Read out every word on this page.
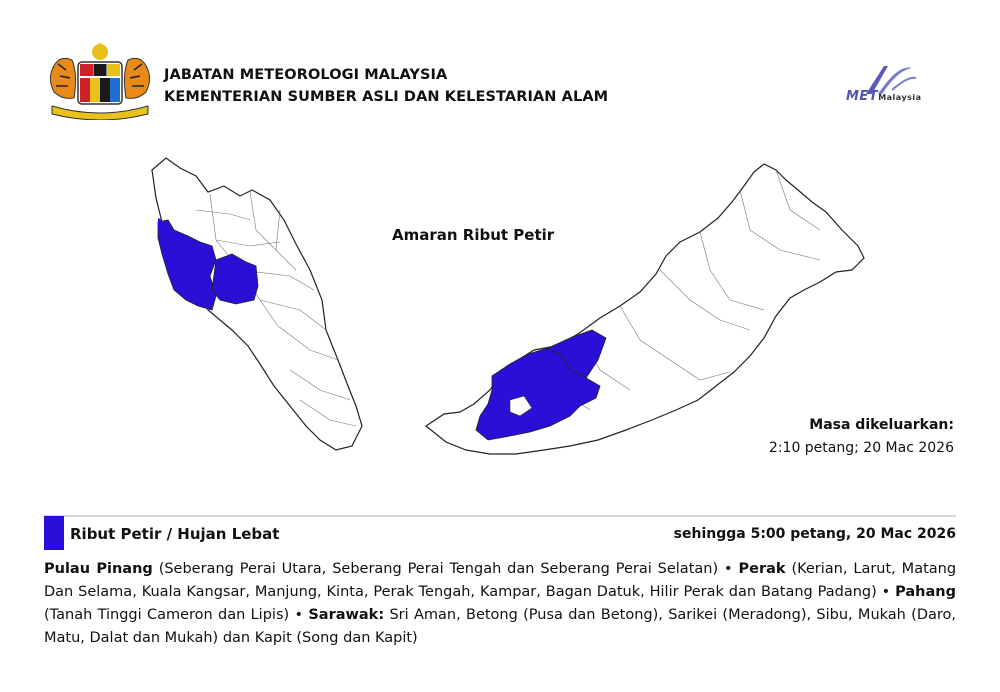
JABATAN METEOROLOGI MALAYSIA
KEMENTERIAN SUMBER ASLI DAN KELESTARIAN ALAM	METMalaysia
Amaran Ribut Petir
Masa dikeluarkan:
2:10 petang; 20 Mac 2026
Ribut Petir / Hujan Lebat	sehingga 5:00 petang, 20 Mac 2026
Pulau Pinang (Seberang Perai Utara, Seberang Perai Tengah dan Seberang Perai Selatan) • Perak (Kerian, Larut, Matang Dan Selama, Kuala Kangsar, Manjung, Kinta, Perak Tengah, Kampar, Bagan Datuk, Hilir Perak dan Batang Padang) • Pahang (Tanah Tinggi Cameron dan Lipis) • Sarawak: Sri Aman, Betong (Pusa dan Betong), Sarikei (Meradong), Sibu, Mukah (Daro, Matu, Dalat dan Mukah) dan Kapit (Song dan Kapit)
